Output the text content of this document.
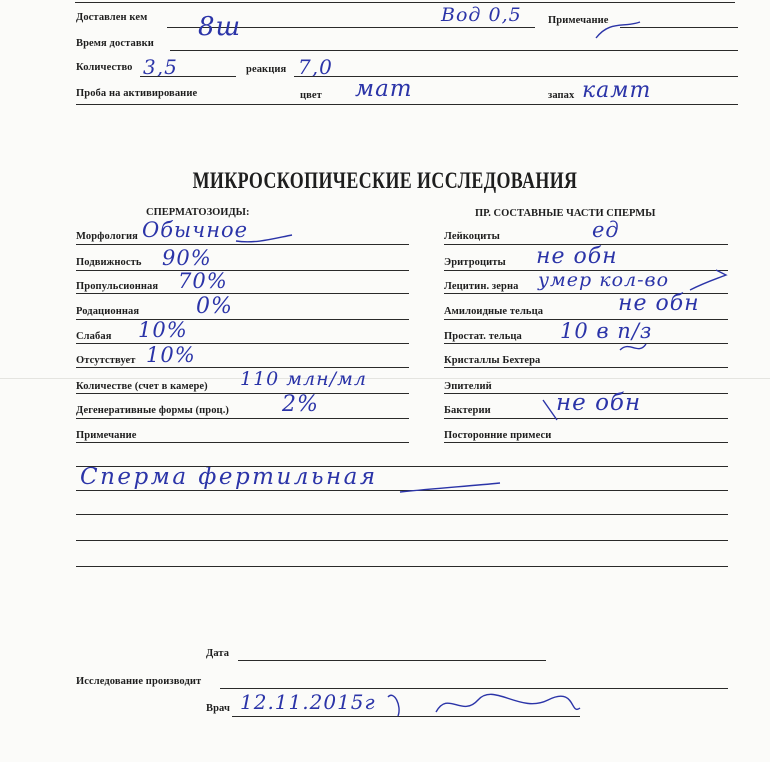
Доставлен кем 8ш	Вод 0,5	Примечание
Время доставки
Количество 3,5	реакция 7,0
Проба на активирование	цвет мат	запах камт
МИКРОСКОПИЧЕСКИЕ ИССЛЕДОВАНИЯ
СПЕРМАТОЗОИДЫ:	ПР. СОСТАВНЫЕ ЧАСТИ СПЕРМЫ
Морфология Обычное
Подвижность 90%
Пропульсионная 70%
Родационная	0%
Слабая 10%
Отсутствует 10%
Количестве (счет в камере) 110 млн/мл
Дегенеративные формы (проц.) 2%
Примечание
Лейкоциты	ед
Эритроциты не обн
Лецитин. зерна умер кол-во
Амилоидные тельца	не обн
Простат. тельца 10 в п/з
Кристаллы Бехтера
Эпителий
Бактерии	не обн
Посторонние примеси
Сперма фертильная
Дата
Исследование производит
Врач 12.11.2015г
